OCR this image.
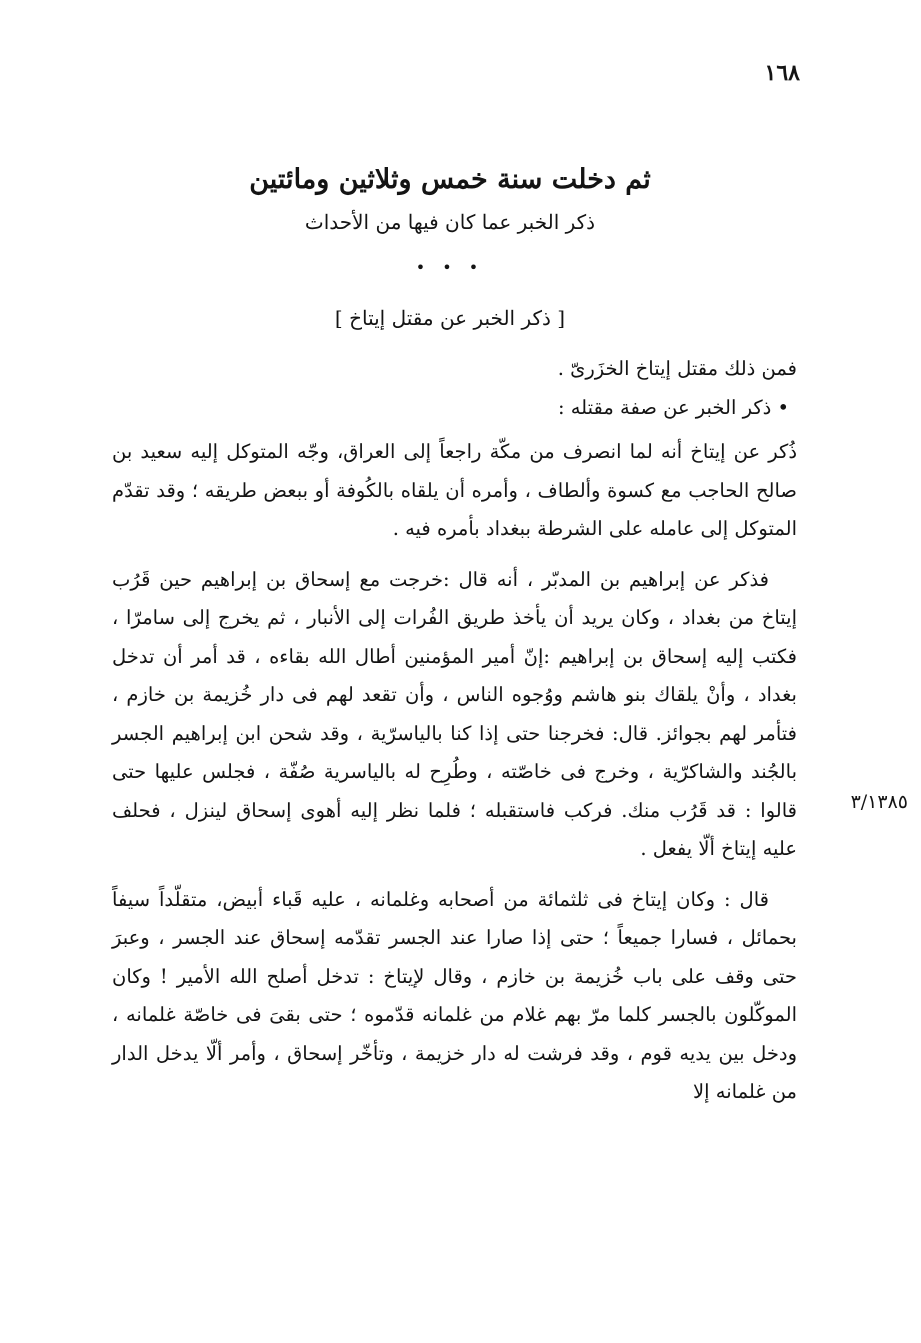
١٦٨
ثم دخلت سنة خمس وثلاثين ومائتين
ذكر الخبر عما كان فيها من الأحداث
• • •
[ ذكر الخبر عن مقتل إيتاخ ]

فمن ذلك مقتل إيتاخ الخزَرىّ .

• ذكر الخبر عن صفة مقتله :

ذُكر عن إيتاخ أنه لما انصرف من مكّة راجعاً إلى العراق، وجّه المتوكل إليه سعيد بن صالح الحاجب مع كسوة وألطاف ، وأمره أن يلقاه بالكُوفة أو ببعض طريقه ؛ وقد تقدّم المتوكل إلى عامله على الشرطة ببغداد بأمره فيه .

فذكر عن إبراهيم بن المدبّر ، أنه قال :خرجت مع إسحاق بن إبراهيم حين قَرُب إيتاخ من بغداد ، وكان يريد أن يأخذ طريق الفُرات إلى الأنبار ، ثم يخرج إلى سامرّا ، فكتب إليه إسحاق بن إبراهيم :إنّ أمير المؤمنين أطال الله بقاءه ، قد أمر أن تدخل بغداد ، وأنْ يلقاك بنو هاشم ووُجوه الناس ، وأن تقعد لهم فى دار خُزيمة بن خازم ، فتأمر لهم بجوائز. قال: فخرجنا حتى إذا كنا بالياسرّية ، وقد شحن ابن إبراهيم الجسر بالجُند والشاكرّية ، وخرج فى خاصّته ، وطُرِح له بالياسرية صُفّة ، فجلس عليها حتى قالوا : قد قَرُب منك. فركب فاستقبله ؛ فلما نظر إليه أهوى إسحاق لينزل ، فحلف عليه إيتاخ ألّا يفعل .

قال : وكان إيتاخ فى ثلثمائة من أصحابه وغلمانه ، عليه قَباء أبيض، متقلّداً سيفاً بحمائل ، فسارا جميعاً ؛ حتى إذا صارا عند الجسر تقدّمه إسحاق عند الجسر ، وعبرَ حتى وقف على باب خُزيمة بن خازم ، وقال لإيتاخ : تدخل أصلح الله الأمير ! وكان الموكّلون بالجسر كلما مرّ بهم غلام من غلمانه قدّموه ؛ حتى بقىَ فى خاصّة غلمانه ، ودخل بين يديه قوم ، وقد فرشت له دار خزيمة ، وتأخّر إسحاق ، وأمر ألّا يدخل الدار من غلمانه إلا

٣/١٣٨٥
